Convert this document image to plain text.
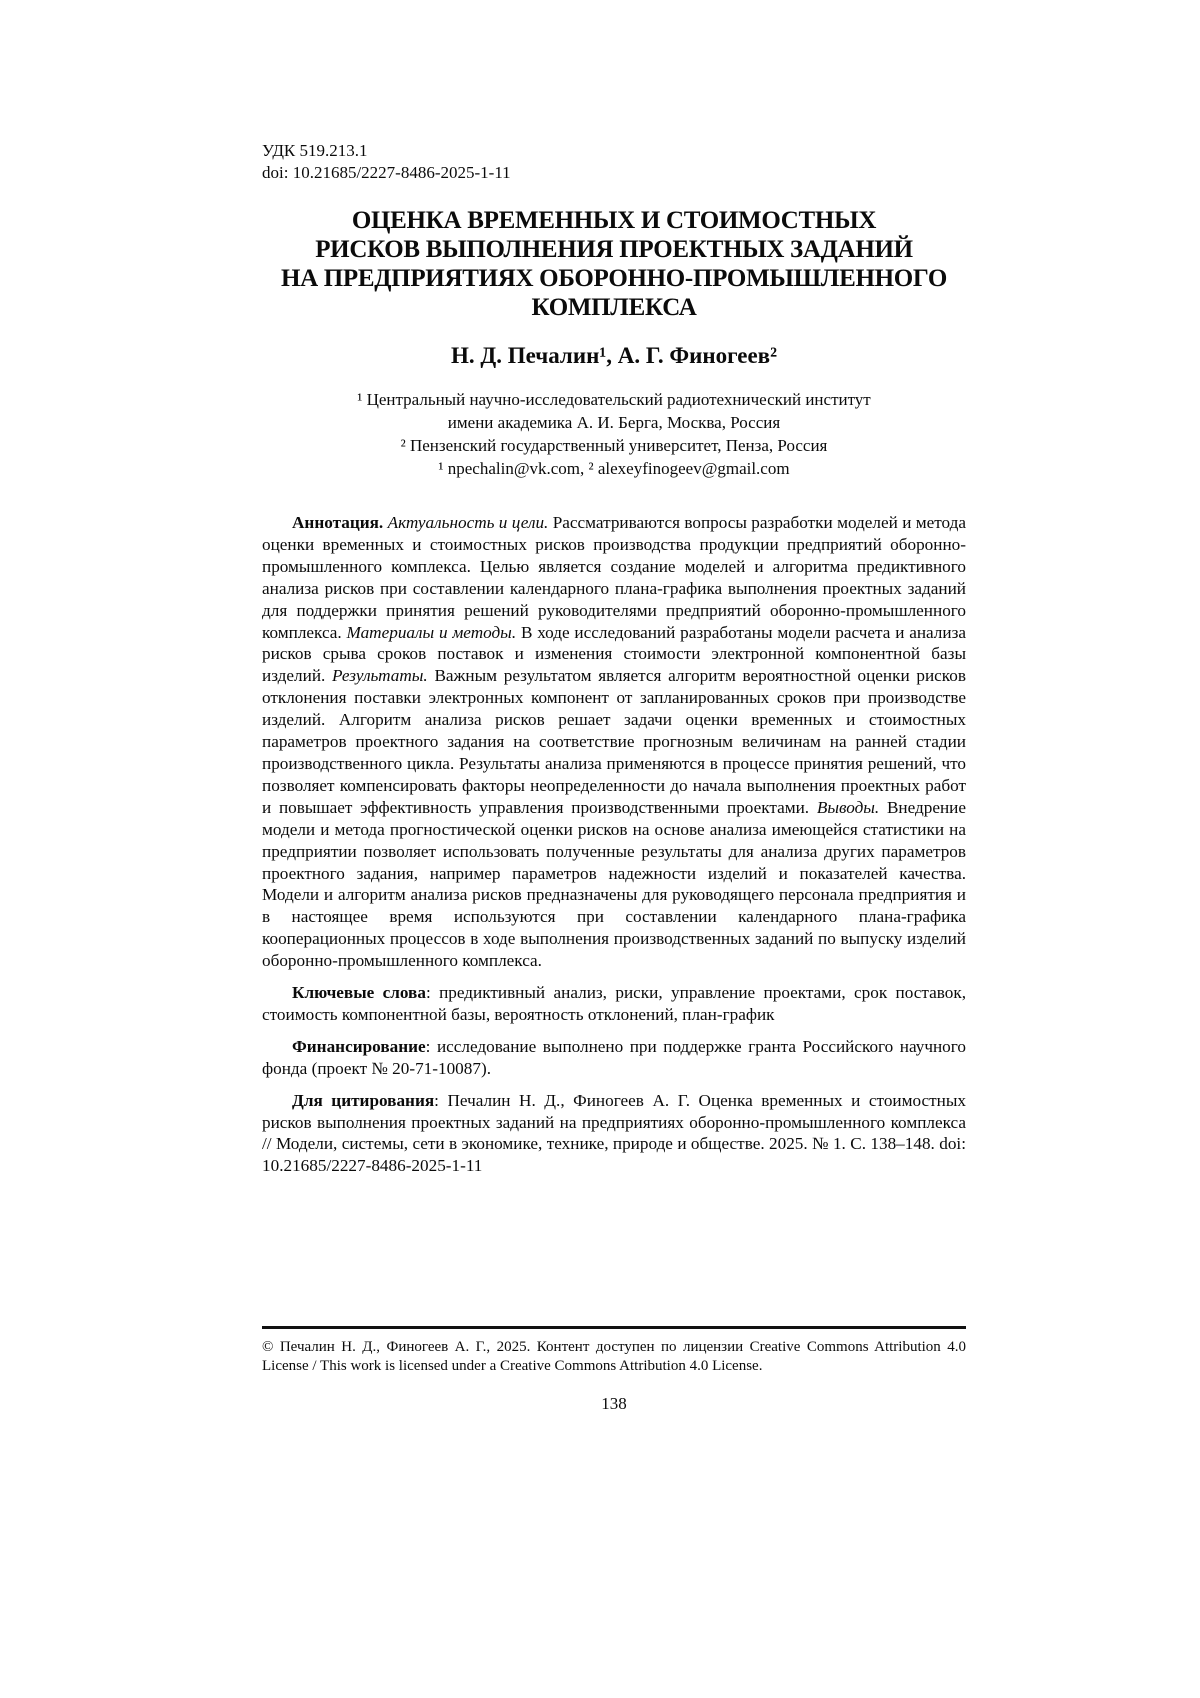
УДК 519.213.1
doi: 10.21685/2227-8486-2025-1-11
ОЦЕНКА ВРЕМЕННЫХ И СТОИМОСТНЫХ
РИСКОВ ВЫПОЛНЕНИЯ ПРОЕКТНЫХ ЗАДАНИЙ
НА ПРЕДПРИЯТИЯХ ОБОРОННО-ПРОМЫШЛЕННОГО
КОМПЛЕКСА
Н. Д. Печалин¹, А. Г. Финогеев²
¹ Центральный научно-исследовательский радиотехнический институт
имени академика А. И. Берга, Москва, Россия
² Пензенский государственный университет, Пенза, Россия
¹ npechalin@vk.com, ² alexeyfinogeev@gmail.com

Аннотация. Актуальность и цели. Рассматриваются вопросы разработки моделей и метода оценки временных и стоимостных рисков производства продукции предприятий оборонно-промышленного комплекса. Целью является создание моделей и алгоритма предиктивного анализа рисков при составлении календарного плана-графика выполнения проектных заданий для поддержки принятия решений руководителями предприятий оборонно-промышленного комплекса. Материалы и методы. В ходе исследований разработаны модели расчета и анализа рисков срыва сроков поставок и изменения стоимости электронной компонентной базы изделий. Результаты. Важным результатом является алгоритм вероятностной оценки рисков отклонения поставки электронных компонент от запланированных сроков при производстве изделий. Алгоритм анализа рисков решает задачи оценки временных и стоимостных параметров проектного задания на соответствие прогнозным величинам на ранней стадии производственного цикла. Результаты анализа применяются в процессе принятия решений, что позволяет компенсировать факторы неопределенности до начала выполнения проектных работ и повышает эффективность управления производственными проектами. Выводы. Внедрение модели и метода прогностической оценки рисков на основе анализа имеющейся статистики на предприятии позволяет использовать полученные результаты для анализа других параметров проектного задания, например параметров надежности изделий и показателей качества. Модели и алгоритм анализа рисков предназначены для руководящего персонала предприятия и в настоящее время используются при составлении календарного плана-графика кооперационных процессов в ходе выполнения производственных заданий по выпуску изделий оборонно-промышленного комплекса.

Ключевые слова: предиктивный анализ, риски, управление проектами, срок поставок, стоимость компонентной базы, вероятность отклонений, план-график

Финансирование: исследование выполнено при поддержке гранта Российского научного фонда (проект № 20-71-10087).

Для цитирования: Печалин Н. Д., Финогеев А. Г. Оценка временных и стоимостных рисков выполнения проектных заданий на предприятиях оборонно-промышленного комплекса // Модели, системы, сети в экономике, технике, природе и обществе. 2025. № 1. С. 138–148. doi: 10.21685/2227-8486-2025-1-11

© Печалин Н. Д., Финогеев А. Г., 2025. Контент доступен по лицензии Creative Commons Attribution 4.0 License / This work is licensed under a Creative Commons Attribution 4.0 License.

138
